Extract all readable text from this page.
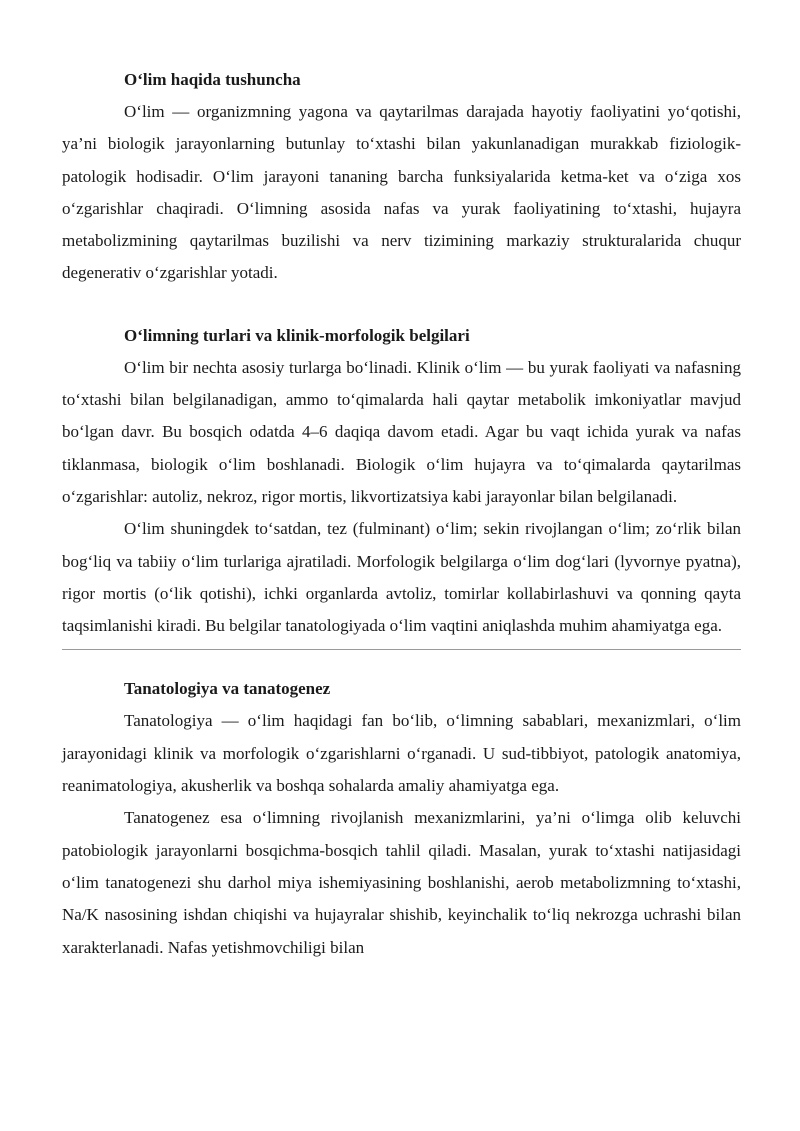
O‘lim haqida tushuncha

O‘lim — organizmning yagona va qaytarilmas darajada hayotiy faoliyatini yo‘qotishi, ya’ni biologik jarayonlarning butunlay to‘xtashi bilan yakunlanadigan murakkab fiziologik-patologik hodisadir. O‘lim jarayoni tananing barcha funksiyalarida ketma-ket va o‘ziga xos o‘zgarishlar chaqiradi. O‘limning asosida nafas va yurak faoliyatining to‘xtashi, hujayra metabolizmining qaytarilmas buzilishi va nerv tizimining markaziy strukturalarida chuqur degenerativ o‘zgarishlar yotadi.

O‘limning turlari va klinik-morfologik belgilari

O‘lim bir nechta asosiy turlarga bo‘linadi. Klinik o‘lim — bu yurak faoliyati va nafasning to‘xtashi bilan belgilanadigan, ammo to‘qimalarda hali qaytar metabolik imkoniyatlar mavjud bo‘lgan davr. Bu bosqich odatda 4–6 daqiqa davom etadi. Agar bu vaqt ichida yurak va nafas tiklanmasa, biologik o‘lim boshlanadi. Biologik o‘lim hujayra va to‘qimalarda qaytarilmas o‘zgarishlar: autoliz, nekroz, rigor mortis, likvortizatsiya kabi jarayonlar bilan belgilanadi.

O‘lim shuningdek to‘satdan, tez (fulminant) o‘lim; sekin rivojlangan o‘lim; zo‘rlik bilan bog‘liq va tabiiy o‘lim turlariga ajratiladi. Morfologik belgilarga o‘lim dog‘lari (lyvornye pyatna), rigor mortis (o‘lik qotishi), ichki organlarda avtoliz, tomirlar kollabirlashuvi va qonning qayta taqsimlanishi kiradi. Bu belgilar tanatologiyada o‘lim vaqtini aniqlashda muhim ahamiyatga ega.

Tanatologiya va tanatogenez

Tanatologiya — o‘lim haqidagi fan bo‘lib, o‘limning sabablari, mexanizmlari, o‘lim jarayonidagi klinik va morfologik o‘zgarishlarni o‘rganadi. U sud-tibbiyot, patologik anatomiya, reanimatologiya, akusherlik va boshqa sohalarda amaliy ahamiyatga ega.

Tanatogenez esa o‘limning rivojlanish mexanizmlarini, ya’ni o‘limga olib keluvchi patobiologik jarayonlarni bosqichma-bosqich tahlil qiladi. Masalan, yurak to‘xtashi natijasidagi o‘lim tanatogenezi shu darhol miya ishemiyasining boshlanishi, aerob metabolizmning to‘xtashi, Na/K nasosining ishdan chiqishi va hujayralar shishib, keyinchalik to‘liq nekrozga uchrashi bilan xarakterlanadi. Nafas yetishmovchiligi bilan
